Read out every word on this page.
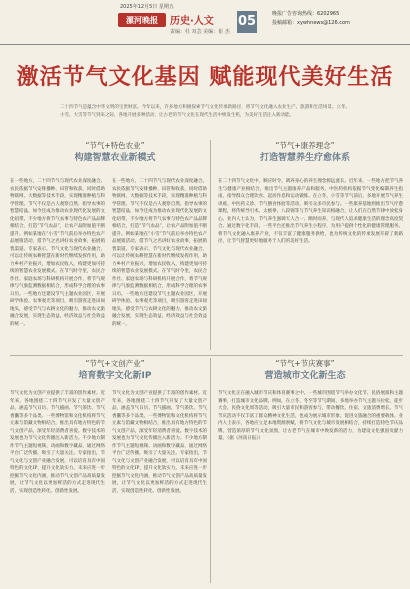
2025年12月5日 星期五
漯河晚报	历史·人文
责编：杜 双芸 美编：崔 杰
05	晚报广告咨询热线：6202965
投稿邮箱：xywhnews@126.com
激活节气文化基因 赋能现代美好生活
二十四节气是蕴含中华文明的宝贵财富。今年以来，许多地方积极探索节气文化传承新路径，将节气文化融入农业生产、旅游和生活场景。立冬、小雪、大雪等节气到来之际，各地开展多种活动，让古老的节气文化在现代生活中焕发生机，为美好生活注入新动能。
“节气+特色农业”
构建智慧农业新模式
在一些地方，二十四节气与现代农业深度融合。农民依据节气安排播种、田管和收获，同时借助物联网、大数据等技术手段，实现精准种植与科学管理。节气不仅是古人观察自然、指导农事的智慧结晶，如今还成为推动农业现代化发展的文化纽带。不少地方将节气农事与特色农产品品牌相结合，打造“节气农品”，让农产品附加值不断提升。例如某地在“小雪”节气前后举办特色农产品展销活动，借节气之名讲好农业故事，拓展销售渠道。专家表示，节气文化与现代农业融合，可以让传统农耕智慧在新时代继续发挥作用，助力乡村产业振兴，增加农民收入，构建更加可持续的智慧农业发展模式。在节气时令里，农民合作社、家庭农场与科研机构开展合作，将节气规律与气象监测数据相结合，形成科学合理的农事日历。一些地方还建设节气主题农业园区，开展研学体验、农事观光等项目，吸引游客走进田间地头，感受节气与农耕文化的魅力，推动农文旅融合发展，实现生态效益、经济效益与社会效益的统一。
在一些地方，二十四节气与现代农业深度融合。农民依据节气安排播种、田管和收获，同时借助物联网、大数据等技术手段，实现精准种植与科学管理。节气不仅是古人观察自然、指导农事的智慧结晶，如今还成为推动农业现代化发展的文化纽带。不少地方将节气农事与特色农产品品牌相结合，打造“节气农品”，让农产品附加值不断提升。例如某地在“小雪”节气前后举办特色农产品展销活动，借节气之名讲好农业故事，拓展销售渠道。专家表示，节气文化与现代农业融合，可以让传统农耕智慧在新时代继续发挥作用，助力乡村产业振兴，增加农民收入，构建更加可持续的智慧农业发展模式。在节气时令里，农民合作社、家庭农场与科研机构开展合作，将节气规律与气象监测数据相结合，形成科学合理的农事日历。一些地方还建设节气主题农业园区，开展研学体验、农事观光等项目，吸引游客走进田间地头，感受节气与农耕文化的魅力，推动农文旅融合发展，实现生态效益、经济效益与社会效益的统一。
“节气+康养理念”
打造智慧养生疗愈体系
在二十四节气文化中，顺应时令、调养身心的养生理念源远流长。近年来，一些地方把节气养生与健康产业相结合，推出节气主题康养产品和服务。中医药机构依据节气变化编制养生指南，指导群众合理饮食、起居作息和运动锻炼。在立冬、小雪等节气前后，多地开展节气养生讲座、中医药义诊、节气膳食体验等活动，吸引众多市民参与。一些康养基地则推出节气疗愈课程，将传统导引术、太极拳、八段锦等与节气养生知识相融合，让人们在自然节律中放松身心。业内人士认为，节气养生强调天人合一、顺时而养，与现代人追求健康生活的理念高度契合。通过数字化手段，一些平台还推出节气养生小程序，为用户提供个性化的健康管理服务。将节气文化融入康养产业，不仅丰富了健康服务供给，也为传统文化的传承发展开辟了新路径，让节气智慧更好地服务于人们的美好生活。
“节气+文创产业”
培育数字文化新IP
节气文化为文创产业提供了丰富的创作素材。近年来，各地围绕二十四节气开发了大量文创产品，涵盖节气日历、节气插画、节气茶饮、节气香囊等多个品类。一些博物馆和文化机构将节气元素与馆藏文物相结合，推出具有地方特色的节气文创产品，深受年轻消费者喜爱。数字技术的发展也为节气文化传播注入新活力。不少地方制作节气主题短视频、动画和数字藏品，通过网络平台广泛传播，吸引了大量关注。专家指出，节气文化与文创产业融合发展，可以培育具有中国特色的文化IP，提升文化软实力。未来应进一步挖掘节气文化内涵，推动节气文创产品高质量发展，让节气文化以更加鲜活的方式走进现代生活，实现创造性转化、创新性发展。
节气文化为文创产业提供了丰富的创作素材。近年来，各地围绕二十四节气开发了大量文创产品，涵盖节气日历、节气插画、节气茶饮、节气香囊等多个品类。一些博物馆和文化机构将节气元素与馆藏文物相结合，推出具有地方特色的节气文创产品，深受年轻消费者喜爱。数字技术的发展也为节气文化传播注入新活力。不少地方制作节气主题短视频、动画和数字藏品，通过网络平台广泛传播，吸引了大量关注。专家指出，节气文化与文创产业融合发展，可以培育具有中国特色的文化IP，提升文化软实力。未来应进一步挖掘节气文化内涵，推动节气文创产品高质量发展，让节气文化以更加鲜活的方式走进现代生活，实现创造性转化、创新性发展。
“节气+节庆赛事”
营造城市文化新生态
节气文化正在融入城市节庆和体育赛事之中。一些城市围绕节气举办文化节、民俗展演和主题赛事，打造城市文化品牌。例如，在立冬、冬至等节气期间，多地举办节气主题马拉松、徒步大会、民俗文化周等活动，吸引大量市民和游客参与，带动餐饮、住宿、文旅消费增长。节气节庆活动不仅丰富了群众精神文化生活，也成为展示城市形象、促进文旅融合的重要载体。业内人士表示，各地应立足本地资源禀赋，将节气文化与城市发展相结合，持续打造特色节庆品牌，营造浓厚的节气文化氛围，让古老节气在城市中焕发新的活力，为建设文化强国贡献力量。（据《河南日报》）
